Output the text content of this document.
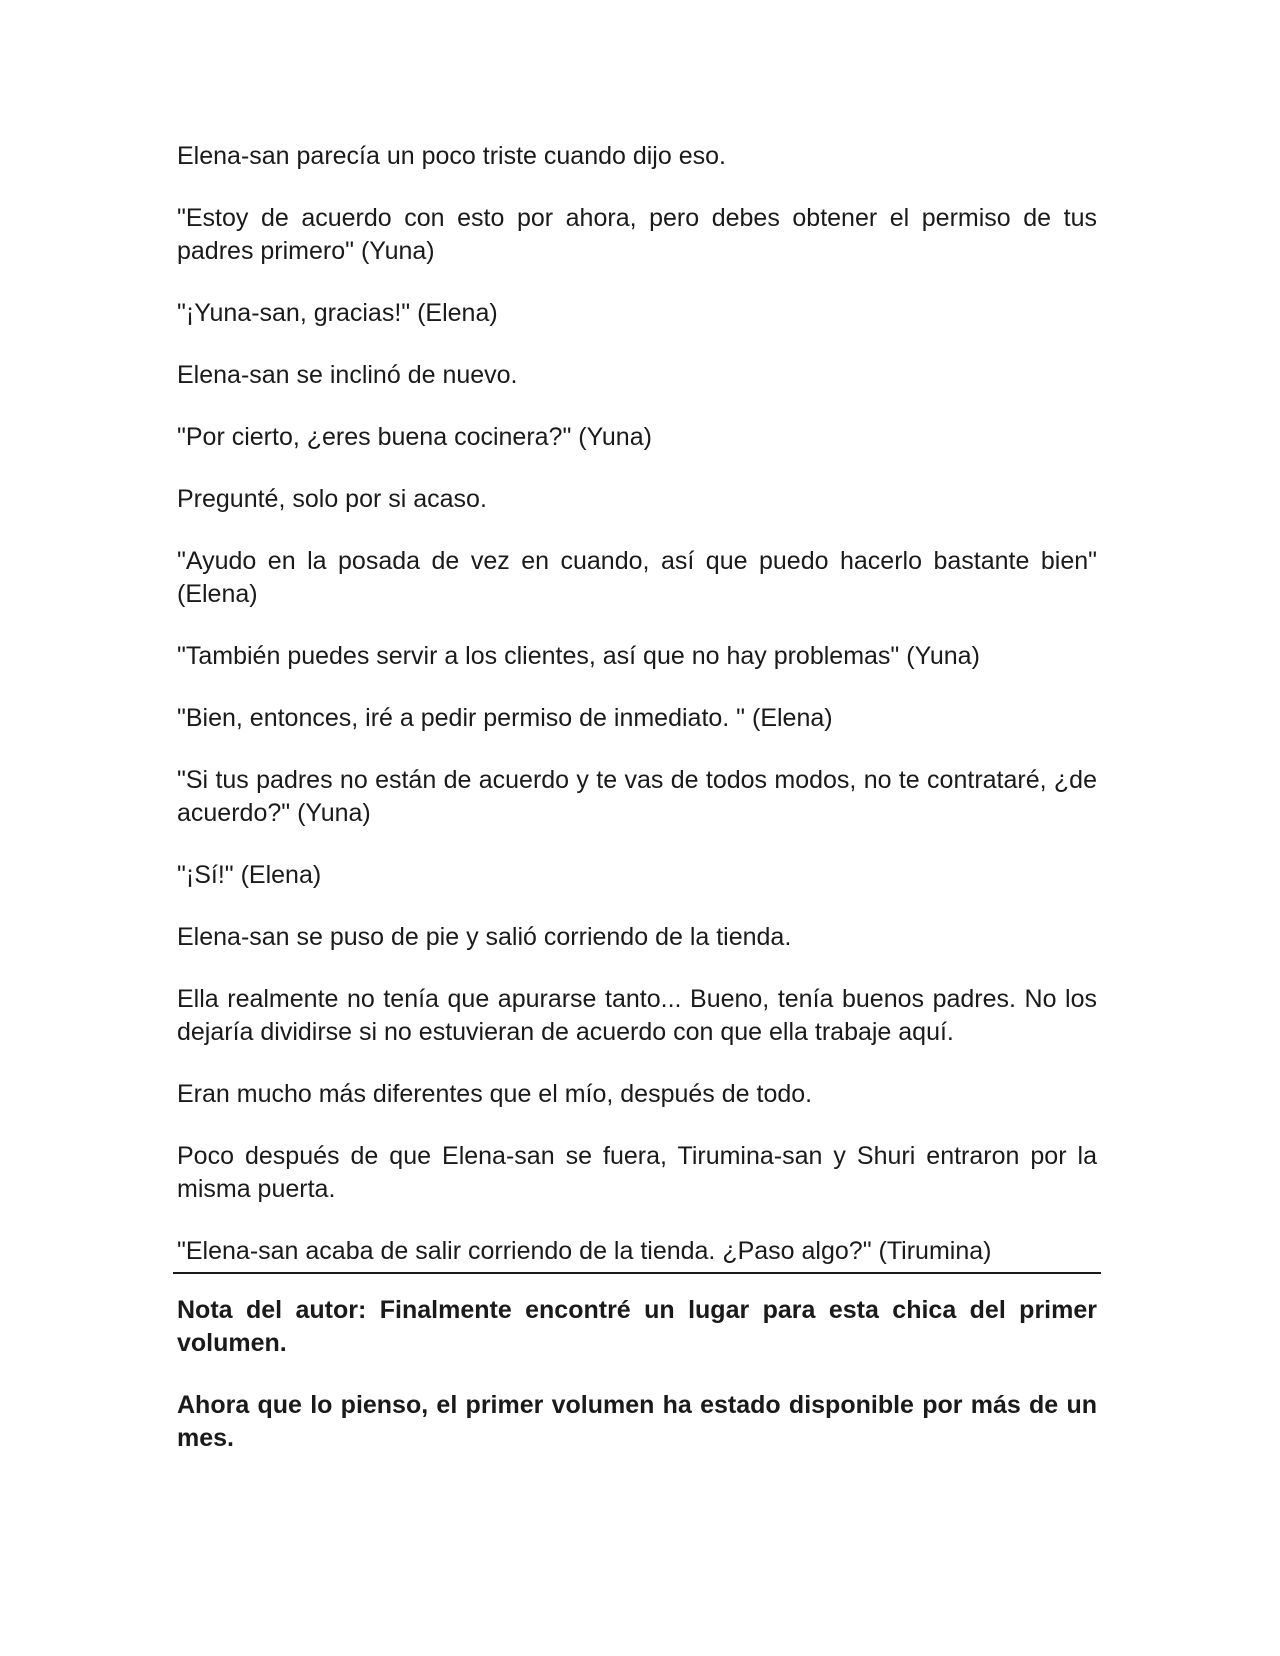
Elena-san parecía un poco triste cuando dijo eso.

"Estoy de acuerdo con esto por ahora, pero debes obtener el permiso de tus padres primero" (Yuna)

"¡Yuna-san, gracias!" (Elena)

Elena-san se inclinó de nuevo.

"Por cierto, ¿eres buena cocinera?" (Yuna)

Pregunté, solo por si acaso.

"Ayudo en la posada de vez en cuando, así que puedo hacerlo bastante bien" (Elena)

"También puedes servir a los clientes, así que no hay problemas" (Yuna)

"Bien, entonces, iré a pedir permiso de inmediato. " (Elena)

"Si tus padres no están de acuerdo y te vas de todos modos, no te contrataré, ¿de acuerdo?" (Yuna)

"¡Sí!" (Elena)

Elena-san se puso de pie y salió corriendo de la tienda.

Ella realmente no tenía que apurarse tanto... Bueno, tenía buenos padres. No los dejaría dividirse si no estuvieran de acuerdo con que ella trabaje aquí.

Eran mucho más diferentes que el mío, después de todo.

Poco después de que Elena-san se fuera, Tirumina-san y Shuri entraron por la misma puerta.

"Elena-san acaba de salir corriendo de la tienda. ¿Paso algo?" (Tirumina)

Nota del autor: Finalmente encontré un lugar para esta chica del primer volumen.

Ahora que lo pienso, el primer volumen ha estado disponible por más de un mes.
